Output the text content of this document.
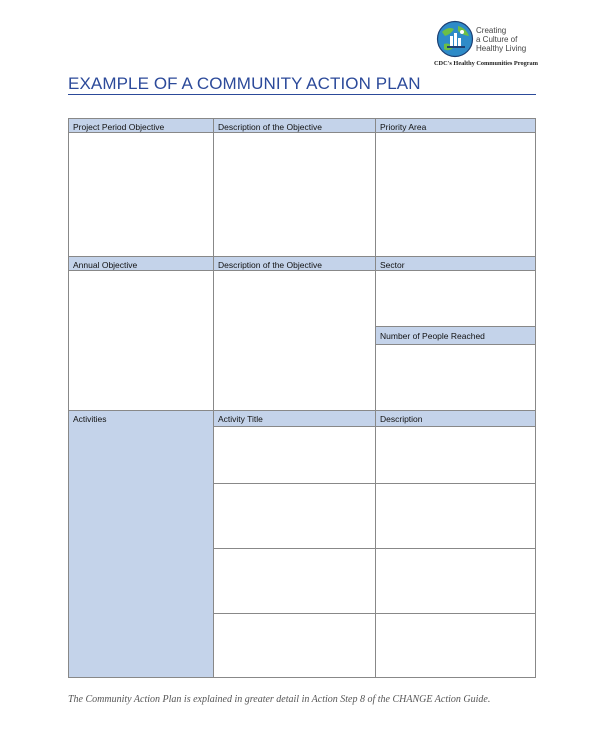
Creating
a Culture of
Healthy Living
CDC's Healthy Communities Program
EXAMPLE OF A COMMUNITY ACTION PLAN
Project Period Objective	Description of the Objective	Priority Area
Annual Objective	Description of the Objective	Sector
Number of People Reached
Activities	Activity Title	Description
The Community Action Plan is explained in greater detail in Action Step 8 of the CHANGE Action Guide.
